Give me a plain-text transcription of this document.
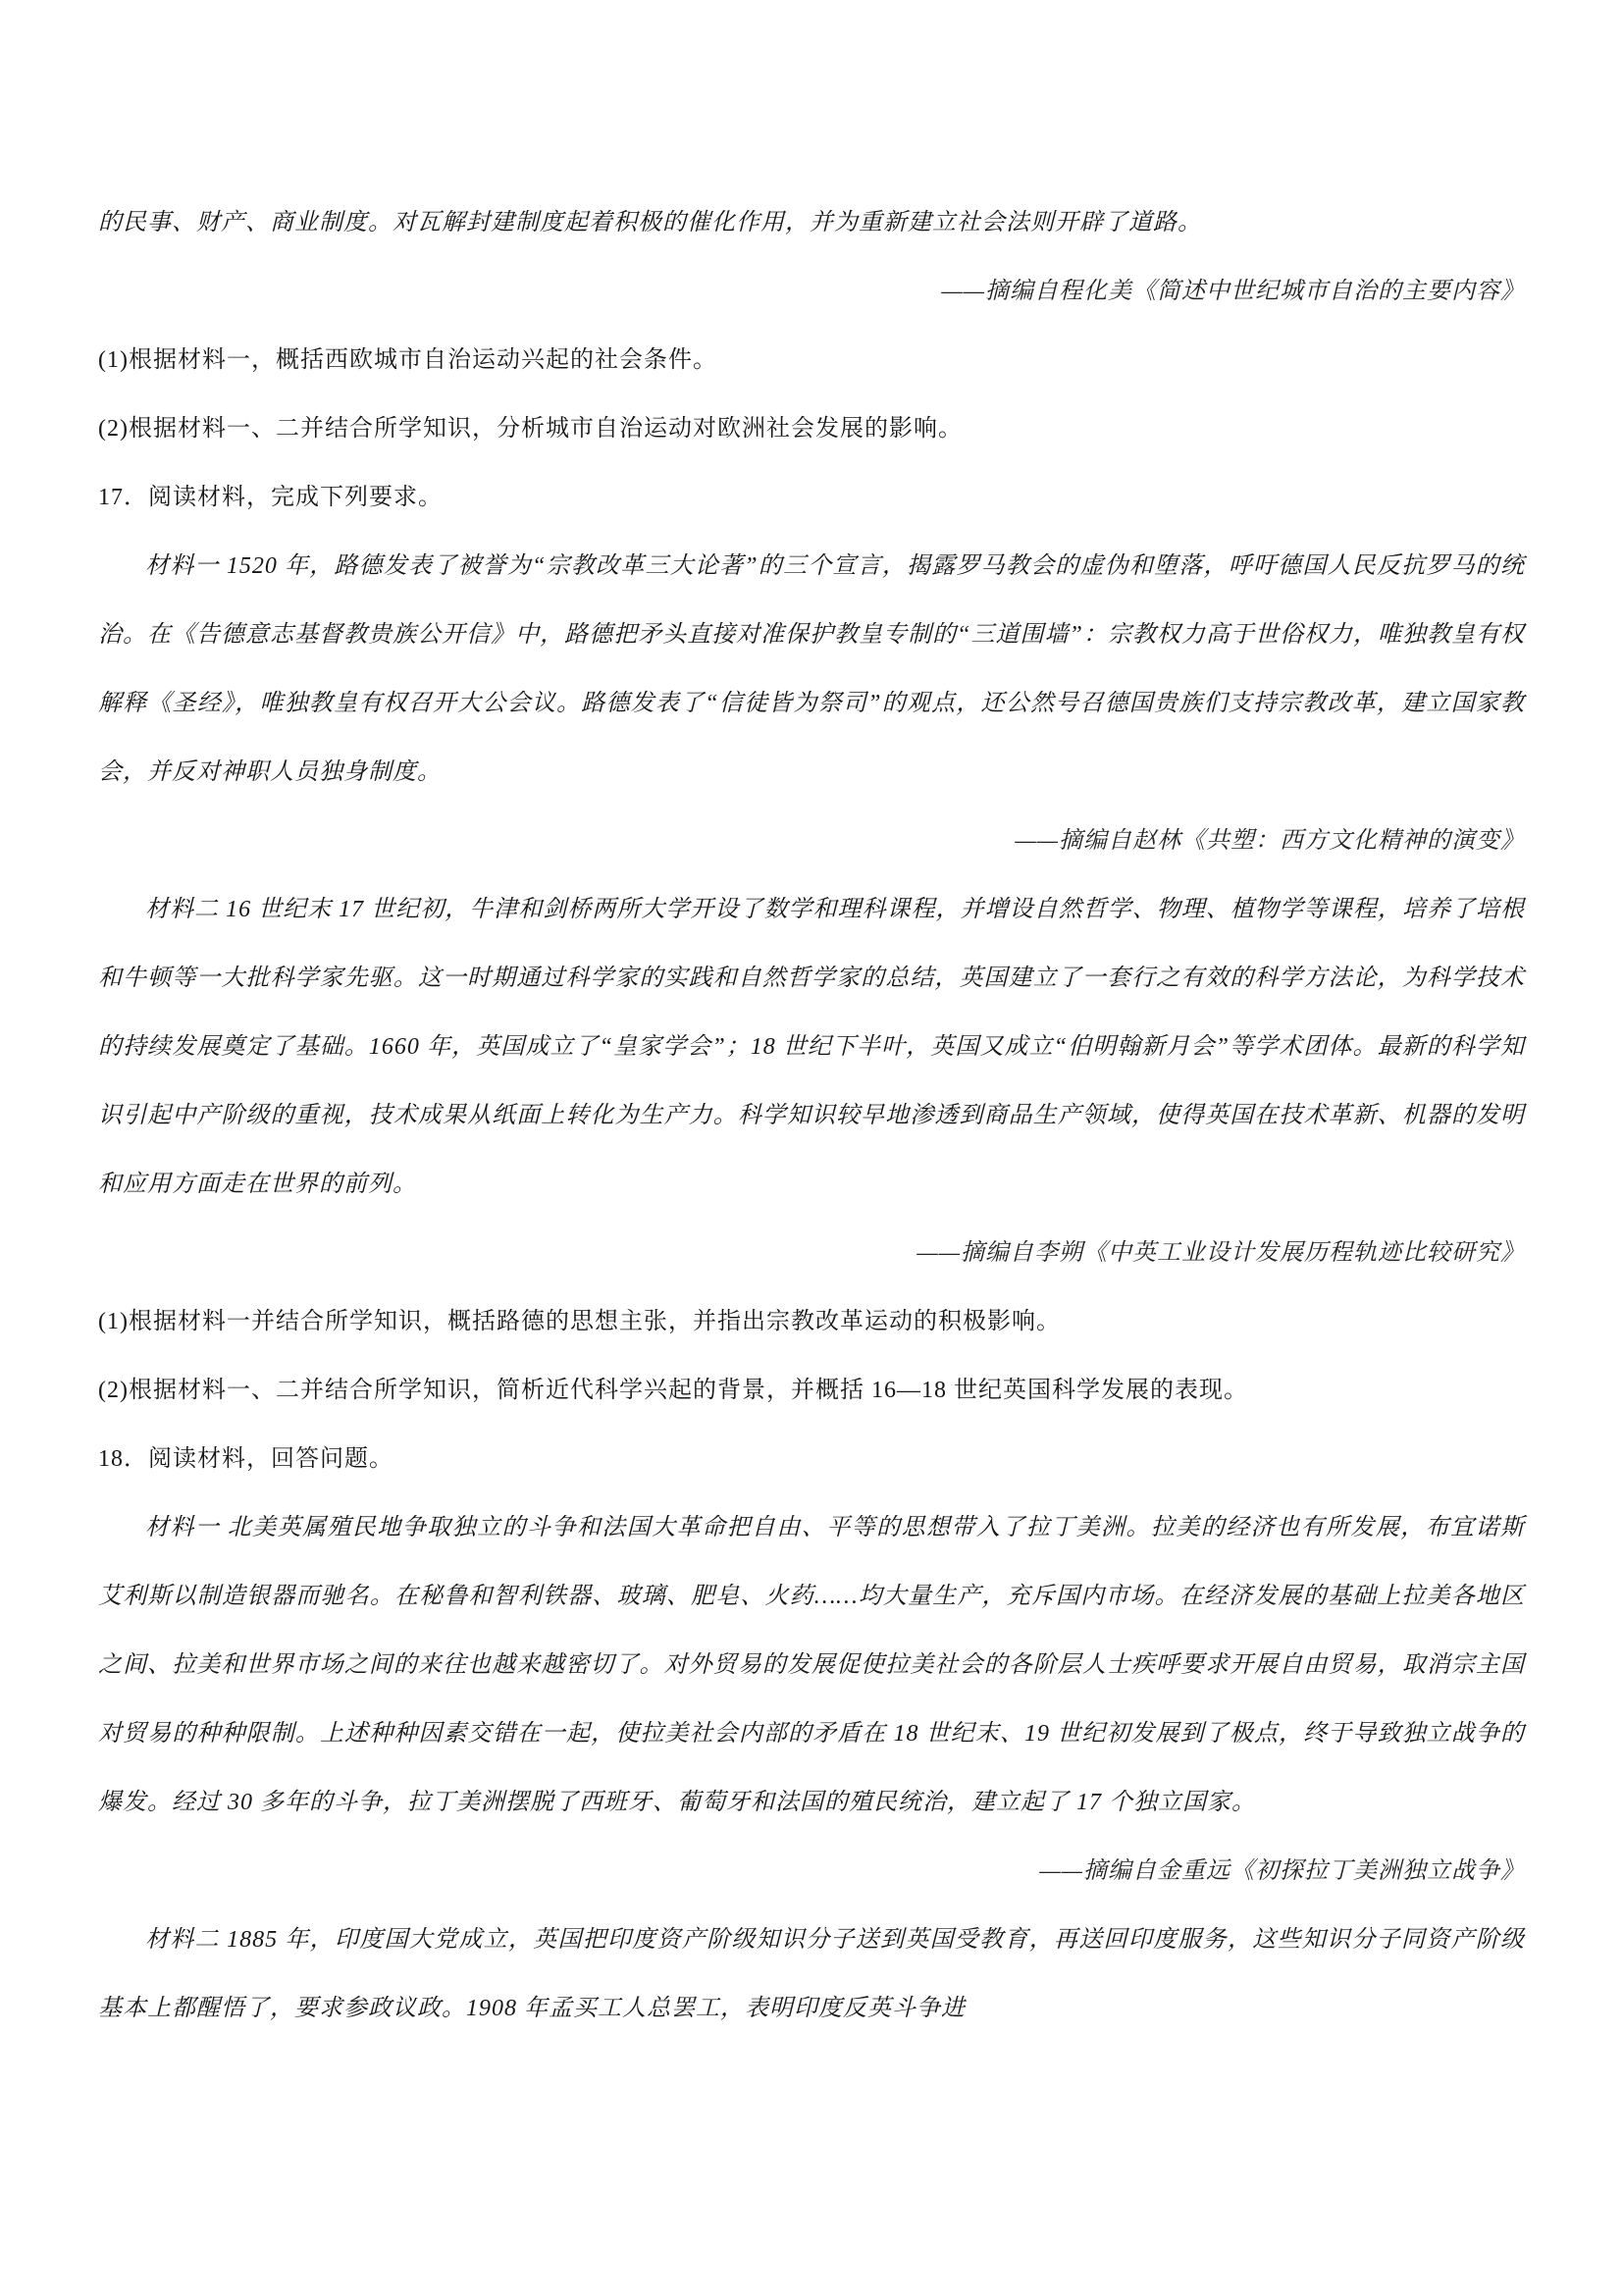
的民事、财产、商业制度。对瓦解封建制度起着积极的催化作用，并为重新建立社会法则开辟了道路。
——摘编自程化美《简述中世纪城市自治的主要内容》
(1)根据材料一，概括西欧城市自治运动兴起的社会条件。
(2)根据材料一、二并结合所学知识，分析城市自治运动对欧洲社会发展的影响。
17．阅读材料，完成下列要求。
材料一 1520 年，路德发表了被誉为“宗教改革三大论著”的三个宣言，揭露罗马教会的虚伪和堕落，呼吁德国人民反抗罗马的统治。在《告德意志基督教贵族公开信》中，路德把矛头直接对准保护教皇专制的“三道围墙”：宗教权力高于世俗权力，唯独教皇有权解释《圣经》，唯独教皇有权召开大公会议。路德发表了“信徒皆为祭司”的观点，还公然号召德国贵族们支持宗教改革，建立国家教会，并反对神职人员独身制度。
——摘编自赵林《共塑：西方文化精神的演变》
材料二 16 世纪末 17 世纪初，牛津和剑桥两所大学开设了数学和理科课程，并增设自然哲学、物理、植物学等课程，培养了培根和牛顿等一大批科学家先驱。这一时期通过科学家的实践和自然哲学家的总结，英国建立了一套行之有效的科学方法论，为科学技术的持续发展奠定了基础。1660 年，英国成立了“皇家学会”；18 世纪下半叶，英国又成立“伯明翰新月会”等学术团体。最新的科学知识引起中产阶级的重视，技术成果从纸面上转化为生产力。科学知识较早地渗透到商品生产领域，使得英国在技术革新、机器的发明和应用方面走在世界的前列。
——摘编自李朔《中英工业设计发展历程轨迹比较研究》
(1)根据材料一并结合所学知识，概括路德的思想主张，并指出宗教改革运动的积极影响。
(2)根据材料一、二并结合所学知识，简析近代科学兴起的背景，并概括 16—18 世纪英国科学发展的表现。
18．阅读材料，回答问题。
材料一 北美英属殖民地争取独立的斗争和法国大革命把自由、平等的思想带入了拉丁美洲。拉美的经济也有所发展，布宜诺斯艾利斯以制造银器而驰名。在秘鲁和智利铁器、玻璃、肥皂、火药……均大量生产，充斥国内市场。在经济发展的基础上拉美各地区之间、拉美和世界市场之间的来往也越来越密切了。对外贸易的发展促使拉美社会的各阶层人士疾呼要求开展自由贸易，取消宗主国对贸易的种种限制。上述种种因素交错在一起，使拉美社会内部的矛盾在 18 世纪末、19 世纪初发展到了极点，终于导致独立战争的爆发。经过 30 多年的斗争，拉丁美洲摆脱了西班牙、葡萄牙和法国的殖民统治，建立起了 17 个独立国家。
——摘编自金重远《初探拉丁美洲独立战争》
材料二 1885 年，印度国大党成立，英国把印度资产阶级知识分子送到英国受教育，再送回印度服务，这些知识分子同资产阶级基本上都醒悟了，要求参政议政。1908 年孟买工人总罢工，表明印度反英斗争进
